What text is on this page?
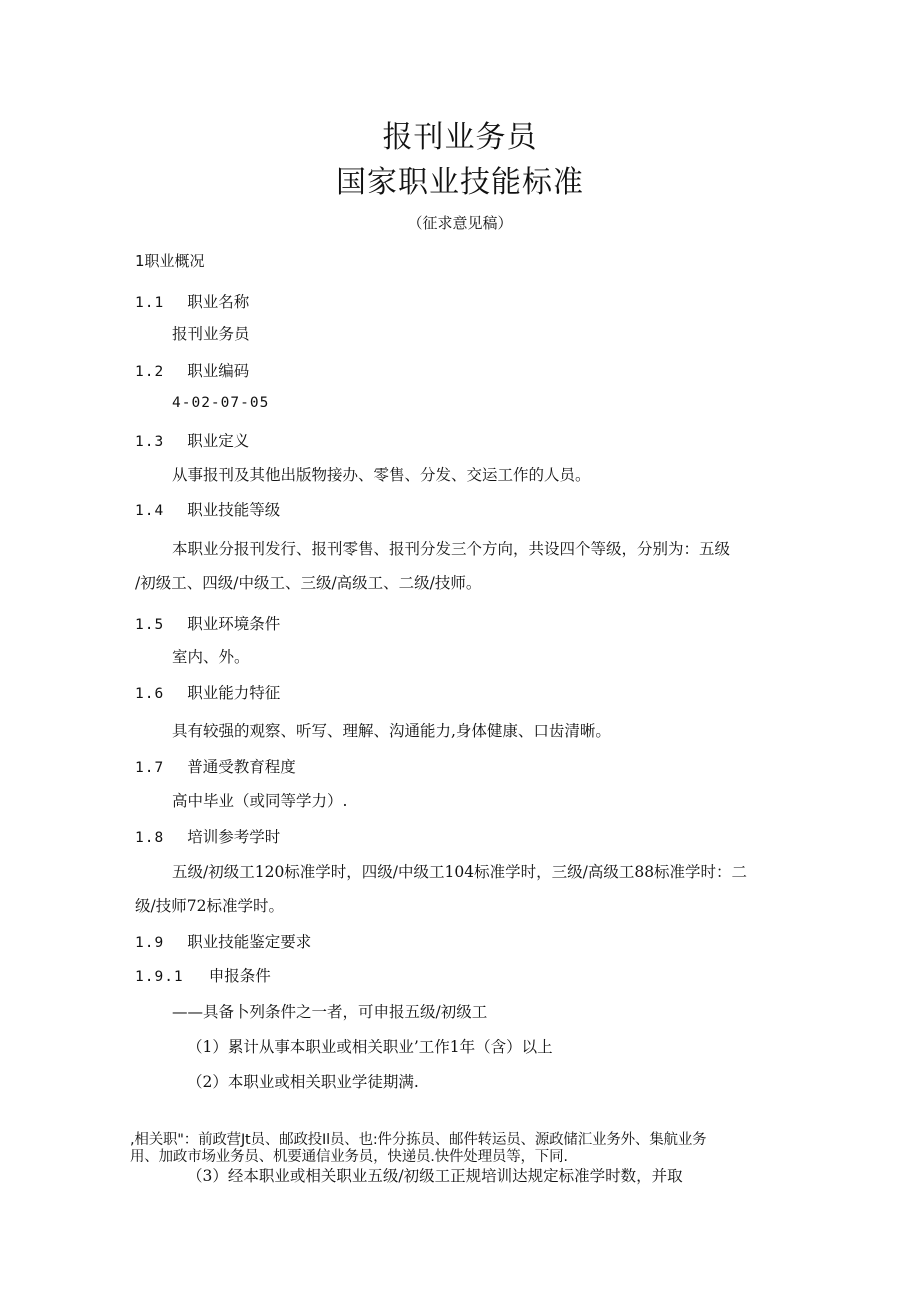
报刊业务员
国家职业技能标准
（征求意见稿）
1职业概况
1.1 职业名称
报刊业务员
1.2 职业编码
4-02-07-05
1.3 职业定义
从事报刊及其他出版物接办、零售、分发、交运工作的人员。
1.4 职业技能等级
本职业分报刊发行、报刊零售、报刊分发三个方向，共设四个等级，分别为：五级
/初级工、四级/中级工、三级/高级工、二级/技师。
1.5 职业环境条件
室内、外。
1.6 职业能力特征
具有较强的观察、听写、理解、沟通能力,身体健康、口齿清晰。
1.7 普通受教育程度
高中毕业（或同等学力）.
1.8 培训参考学时
五级/初级工120标准学时，四级/中级工104标准学时，三级/高级工88标准学时：二
级/技师72标准学时。
1.9 职业技能鉴定要求
1.9.1 申报条件
——具备卜列条件之一者，可申报五级/初级工
（1）累计从事本职业或相关职业’工作1年（含）以上
（2）本职业或相关职业学徒期满.
,相关职"：前政营Jt员、邮政投Il员、也:件分拣员、邮件转运员、源政储汇业务外、集航业务
用、加政市场业务员、机要通信业务员，快递员.快件处理员等，下同.
（3）经本职业或相关职业五级/初级工正规培训达规定标准学时数，并取
